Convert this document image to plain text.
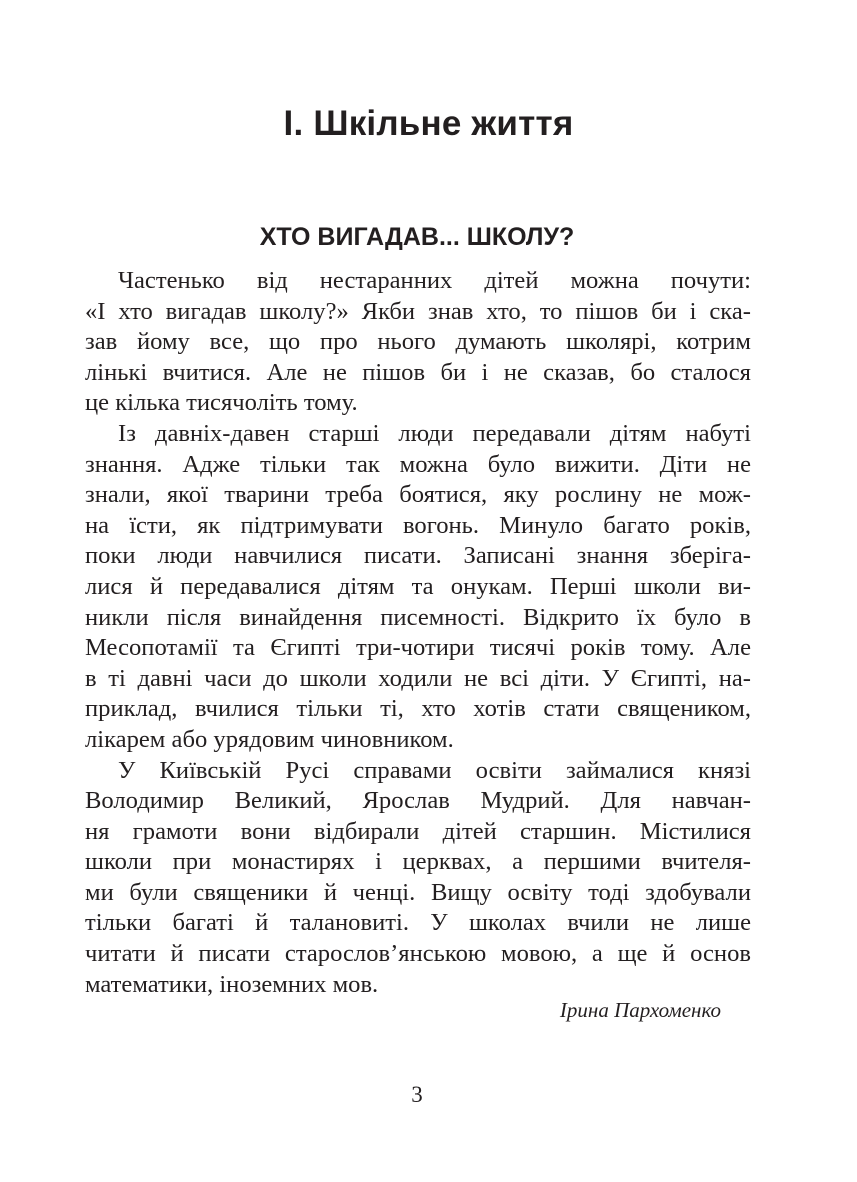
І. Шкільне життя
ХТО ВИГАДАВ... ШКОЛУ?

Частенько від нестаранних дітей можна почути:
«І хто вигадав школу?» Якби знав хто, то пішов би і ска-
зав йому все, що про нього думають школярі, котрим
лінькі вчитися. Але не пішов би і не сказав, бо сталося
це кілька тисячоліть тому.

Із давніх-давен старші люди передавали дітям набуті
знання. Адже тільки так можна було вижити. Діти не
знали, якої тварини треба боятися, яку рослину не мож-
на їсти, як підтримувати вогонь. Минуло багато років,
поки люди навчилися писати. Записані знання зберіга-
лися й передавалися дітям та онукам. Перші школи ви-
никли після винайдення писемності. Відкрито їх було в
Месопотамії та Єгипті три-чотири тисячі років тому. Але
в ті давні часи до школи ходили не всі діти. У Єгипті, на-
приклад, вчилися тільки ті, хто хотів стати священиком,
лікарем або урядовим чиновником.

У Київській Русі справами освіти займалися князі
Володимир Великий, Ярослав Мудрий. Для навчан-
ня грамоти вони відбирали дітей старшин. Містилися
школи при монастирях і церквах, а першими вчителя-
ми були священики й ченці. Вищу освіту тоді здобували
тільки багаті й талановиті. У школах вчили не лише
читати й писати старослов’янською мовою, а ще й основ
математики, іноземних мов.

Ірина Пархоменко
3
